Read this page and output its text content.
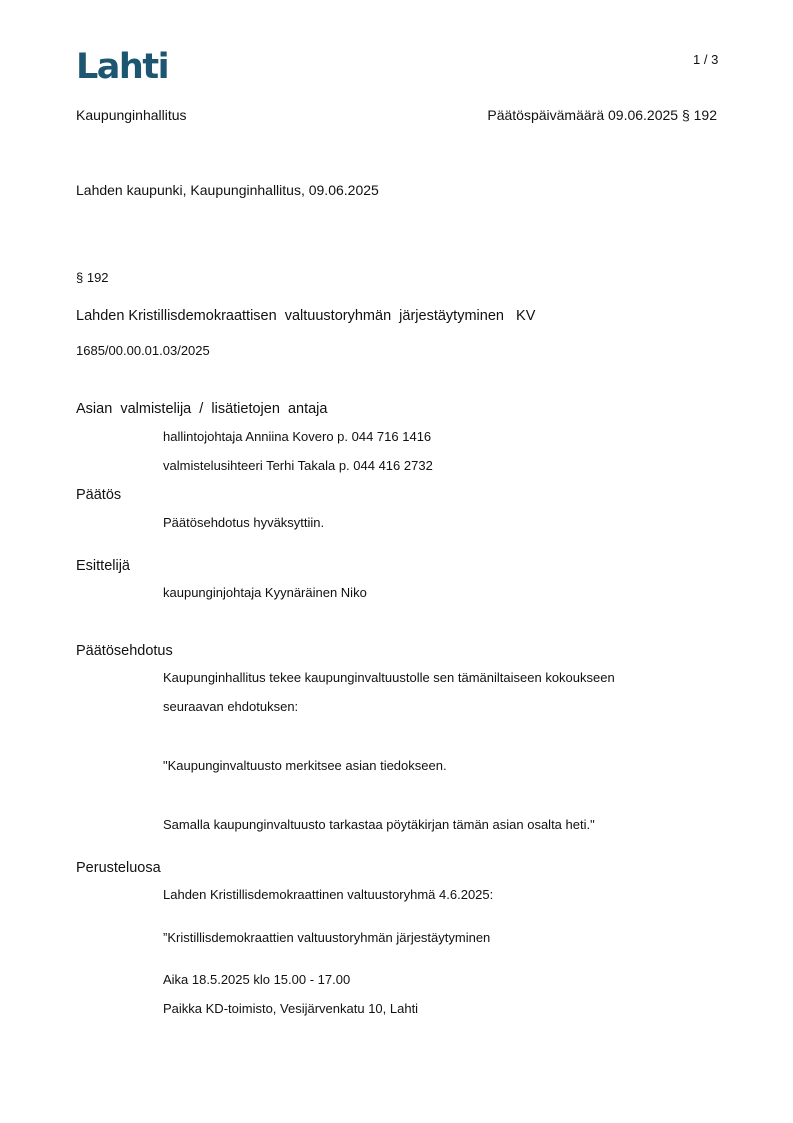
Lahti	1 / 3
Kaupunginhallitus	Päätöspäivämäärä 09.06.2025 § 192
Lahden kaupunki, Kaupunginhallitus, 09.06.2025
§ 192
Lahden Kristillisdemokraattisen  valtuustoryhmän  järjestäytyminen   KV
1685/00.00.01.03/2025
Asian  valmistelija  /  lisätietojen  antaja
hallintojohtaja Anniina Kovero p. 044 716 1416
valmistelusihteeri Terhi Takala p. 044 416 2732
Päätös
Päätösehdotus hyväksyttiin.
Esittelijä
kaupunginjohtaja Kyynäräinen Niko
Päätösehdotus
Kaupunginhallitus tekee kaupunginvaltuustolle sen tämäniltaiseen kokoukseen
seuraavan ehdotuksen:
"Kaupunginvaltuusto merkitsee asian tiedokseen.
Samalla kaupunginvaltuusto tarkastaa pöytäkirjan tämän asian osalta heti."
Perusteluosa
Lahden Kristillisdemokraattinen valtuustoryhmä 4.6.2025:
”Kristillisdemokraattien valtuustoryhmän järjestäytyminen
Aika 18.5.2025 klo 15.00 - 17.00
Paikka KD-toimisto, Vesijärvenkatu 10, Lahti
